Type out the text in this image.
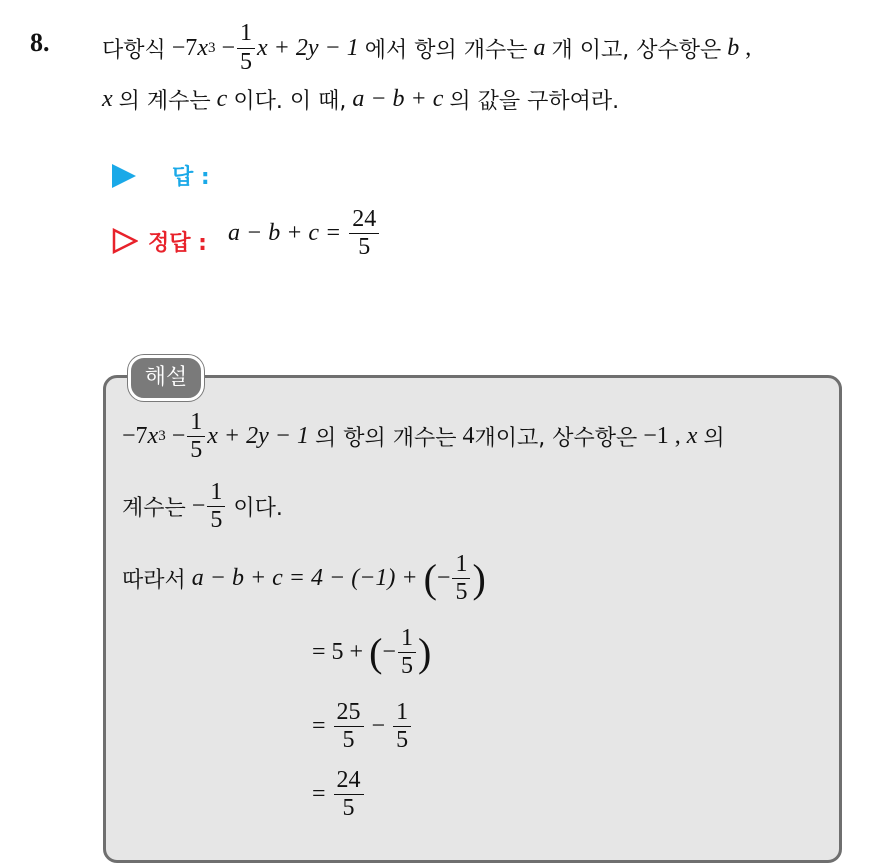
8. 다항식
−7 x 3
− $\frac{1}{5}$ x + 2y − 1
에서 항의 개수는
a
개 이고, 상수항은
b
,
x
의 계수는
c
이다. 이 때,
a − b + c
의 값을 구하여라.
답 :
정답 : a − b + c =
$\frac{24}{5}$
해설
−7 x 3
− $\frac{1}{5}$ x + 2y − 1
의 항의 개수는
4 개이고, 상수항은
−1
,
x
의
계수는
− $\frac{1}{5}$
이다.
따라서
a − b + c = 4 − (−1) +
( − $\frac{1}{5}$ )
= 5 +
( − $\frac{1}{5}$ )
=
$\frac{25}{5}$
−
$\frac{1}{5}$
=
$\frac{24}{5}$
